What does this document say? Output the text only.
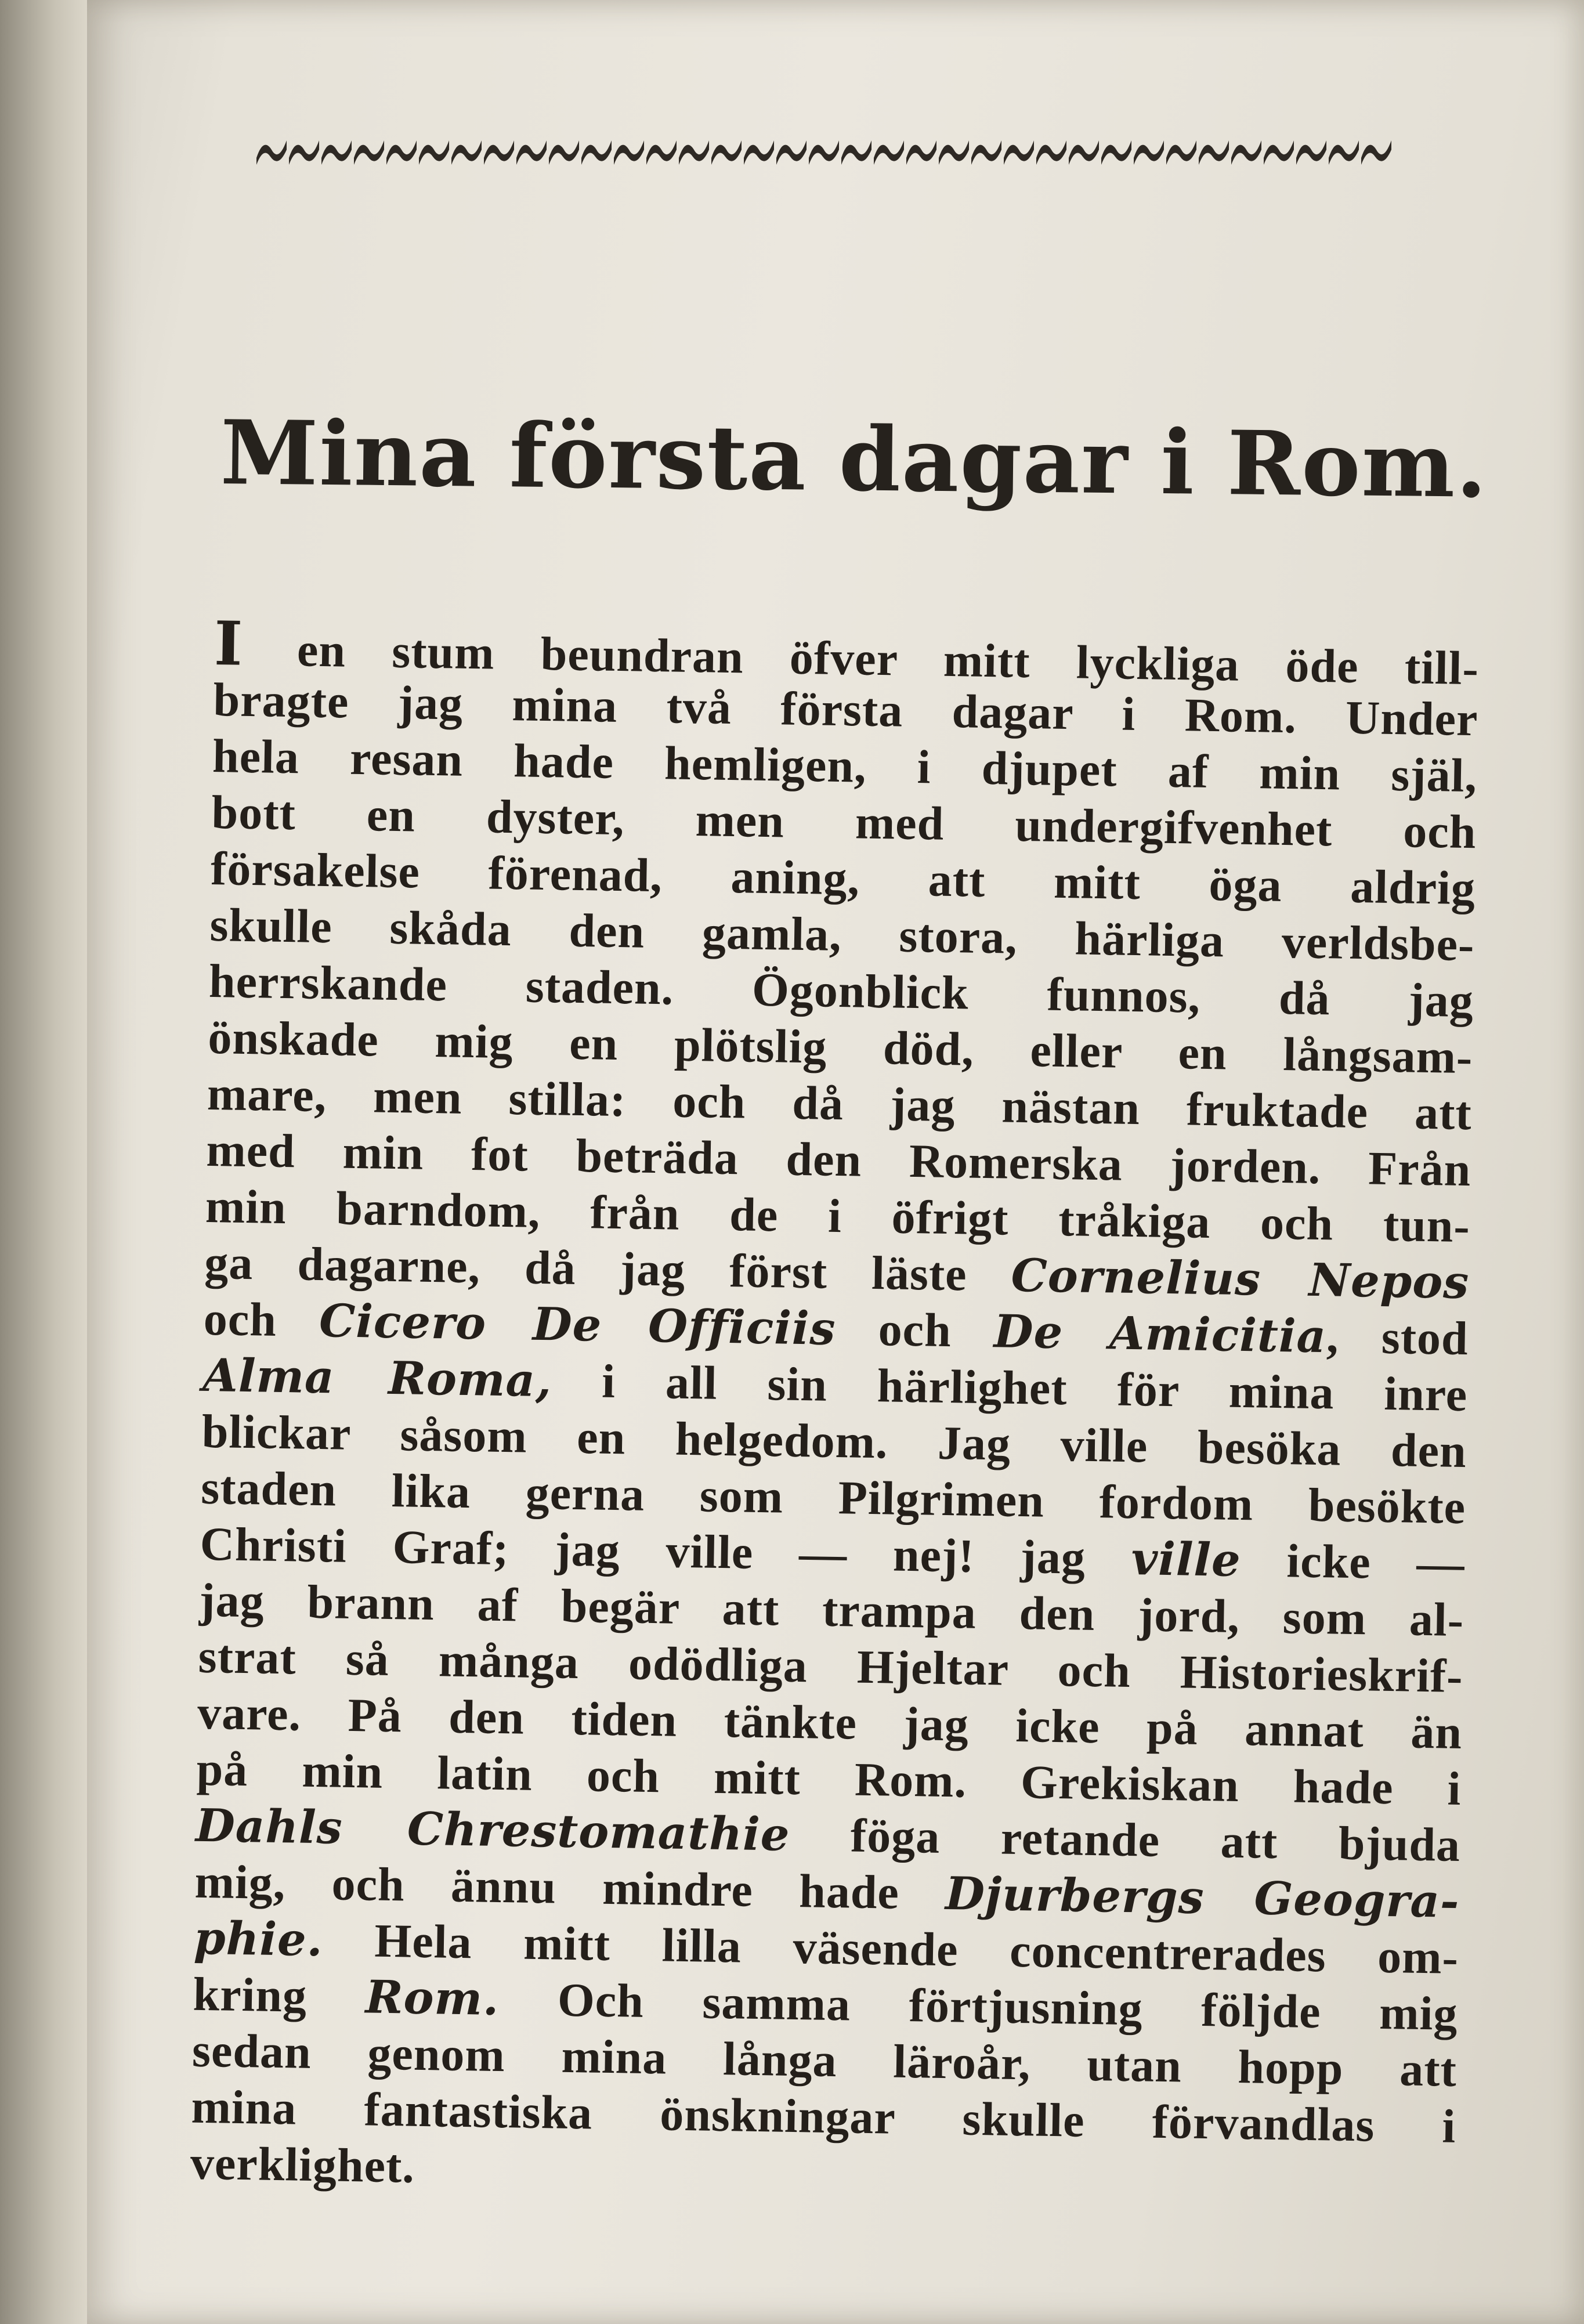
Mina första dagar i Rom.
I en stum beundran öfver mitt lyckliga öde till-
bragte jag mina två första dagar i Rom. Under
hela resan hade hemligen, i djupet af min själ,
bott en dyster, men med undergifvenhet och
försakelse förenad, aning, att mitt öga aldrig
skulle skåda den gamla, stora, härliga verldsbe-
herrskande staden. Ögonblick funnos, då jag
önskade mig en plötslig död, eller en långsam-
mare, men stilla: och då jag nästan fruktade att
med min fot beträda den Romerska jorden. Från
min barndom, från de i öfrigt tråkiga och tun-
ga dagarne, då jag först läste Cornelius Nepos
och Cicero De Officiis och De Amicitia, stod
Alma Roma, i all sin härlighet för mina inre
blickar såsom en helgedom. Jag ville besöka den
staden lika gerna som Pilgrimen fordom besökte
Christi Graf; jag ville — nej! jag ville icke —
jag brann af begär att trampa den jord, som al-
strat så många odödliga Hjeltar och Historieskrif-
vare. På den tiden tänkte jag icke på annat än
på min latin och mitt Rom. Grekiskan hade i
Dahls Chrestomathie föga retande att bjuda
mig, och ännu mindre hade Djurbergs Geogra-
phie. Hela mitt lilla väsende concentrerades om-
kring Rom. Och samma förtjusning följde mig
sedan genom mina långa läroår, utan hopp att
mina fantastiska önskningar skulle förvandlas i
verklighet.
